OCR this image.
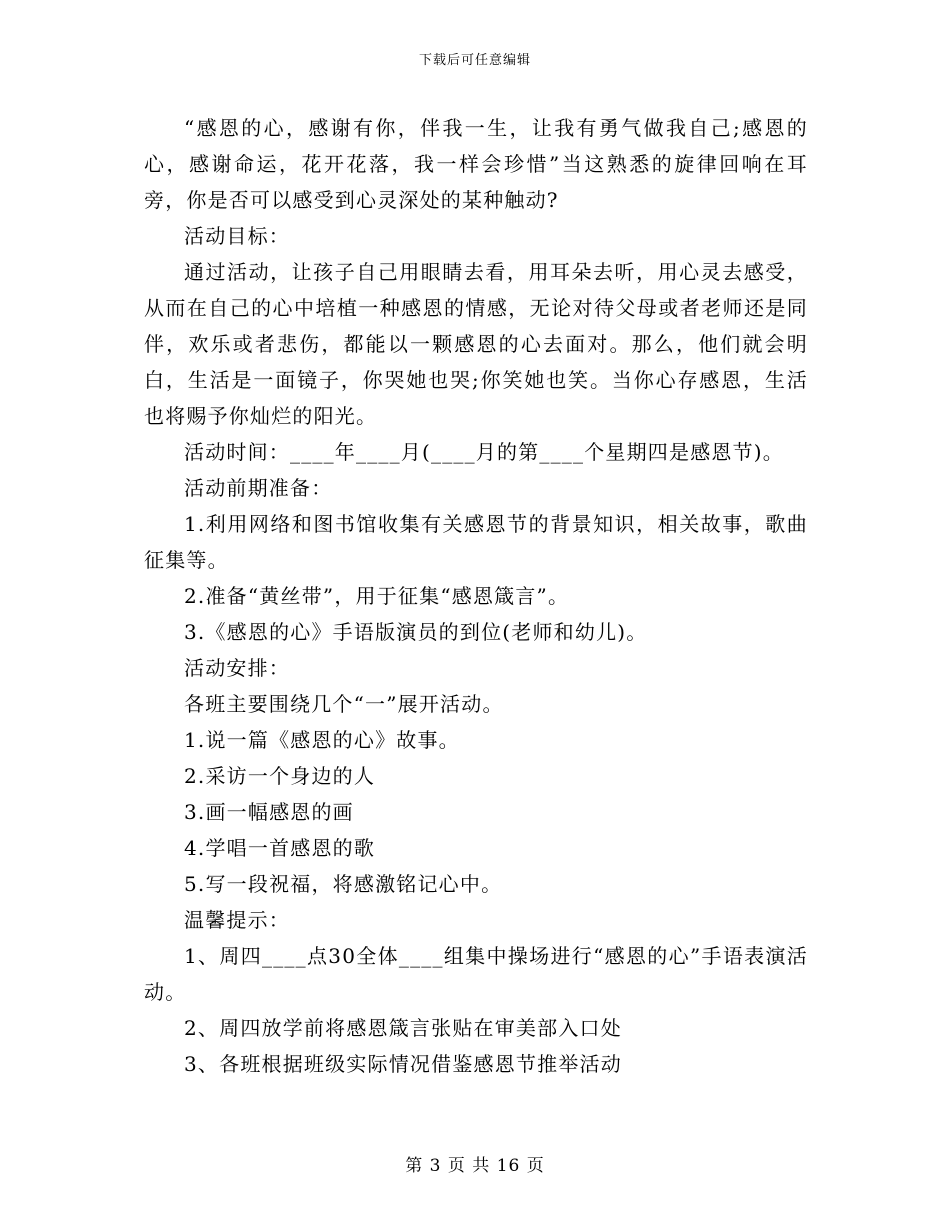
下载后可任意编辑

“感恩的心，感谢有你，伴我一生，让我有勇气做我自己;感恩的心，感谢命运，花开花落，我一样会珍惜”当这熟悉的旋律回响在耳旁，你是否可以感受到心灵深处的某种触动?

活动目标：

通过活动，让孩子自己用眼睛去看，用耳朵去听，用心灵去感受，从而在自己的心中培植一种感恩的情感，无论对待父母或者老师还是同伴，欢乐或者悲伤，都能以一颗感恩的心去面对。那么，他们就会明白，生活是一面镜子，你哭她也哭;你笑她也笑。当你心存感恩，生活也将赐予你灿烂的阳光。

活动时间：____年____月(____月的第____个星期四是感恩节)。

活动前期准备：

1.利用网络和图书馆收集有关感恩节的背景知识，相关故事，歌曲征集等。

2.准备“黄丝带”，用于征集“感恩箴言”。

3.《感恩的心》手语版演员的到位(老师和幼儿)。

活动安排：

各班主要围绕几个“一”展开活动。

1.说一篇《感恩的心》故事。

2.采访一个身边的人

3.画一幅感恩的画

4.学唱一首感恩的歌

5.写一段祝福，将感激铭记心中。

温馨提示：

1、周四____点30全体____组集中操场进行“感恩的心”手语表演活动。

2、周四放学前将感恩箴言张贴在审美部入口处

3、各班根据班级实际情况借鉴感恩节推举活动

第 3 页 共 16 页
